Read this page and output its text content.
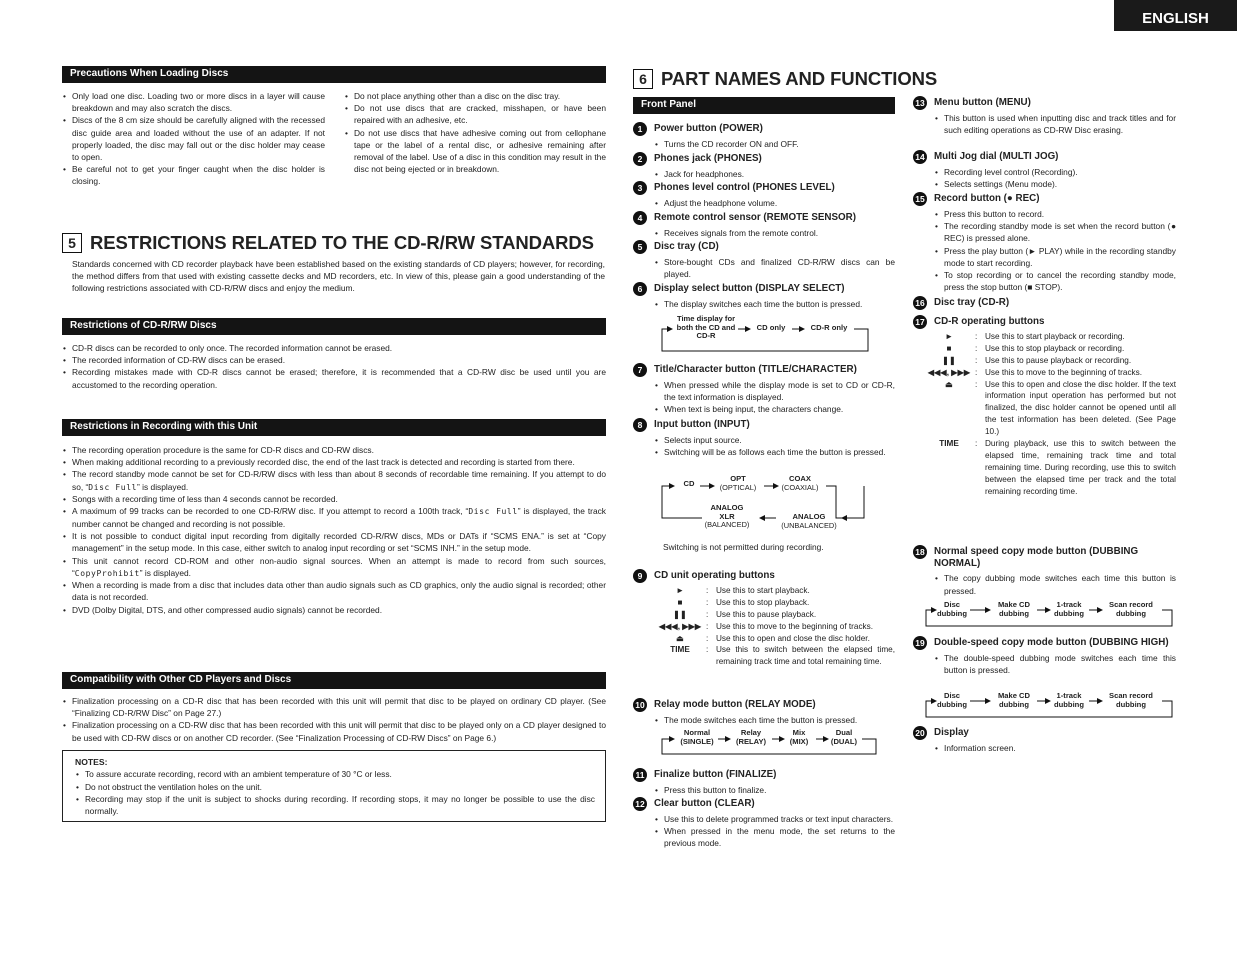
ENGLISH
Precautions When Loading Discs
• Only load one disc. Loading two or more discs in a layer will cause breakdown and may also scratch the discs.
• Discs of the 8 cm size should be carefully aligned with the recessed disc guide area and loaded without the use of an adapter. If not properly loaded, the disc may fall out or the disc holder may cease to open.
• Be careful not to get your finger caught when the disc holder is closing.
• Do not place anything other than a disc on the disc tray.
• Do not use discs that are cracked, misshapen, or have been repaired with an adhesive, etc.
• Do not use discs that have adhesive coming out from cellophane tape or the label of a rental disc, or adhesive remaining after removal of the label. Use of a disc in this condition may result in the disc not being ejected or in breakdown.
5 RESTRICTIONS RELATED TO THE CD-R/RW STANDARDS
Standards concerned with CD recorder playback have been established based on the existing standards of CD players; however, for recording, the method differs from that used with existing cassette decks and MD recorders, etc. In view of this, please gain a good understanding of the following restrictions associated with CD-R/RW discs and enjoy the medium.
Restrictions of CD-R/RW Discs
• CD-R discs can be recorded to only once. The recorded information cannot be erased.
• The recorded information of CD-RW discs can be erased.
• Recording mistakes made with CD-R discs cannot be erased; therefore, it is recommended that a CD-RW disc be used until you are accustomed to the recording operation.
Restrictions in Recording with this Unit
• The recording operation procedure is the same for CD-R discs and CD-RW discs.
• When making additional recording to a previously recorded disc, the end of the last track is detected and recording is started from there.
• The record standby mode cannot be set for CD-R/RW discs with less than about 8 seconds of recordable time remaining. If you attempt to do so, “Disc Full” is displayed.
• Songs with a recording time of less than 4 seconds cannot be recorded.
• A maximum of 99 tracks can be recorded to one CD-R/RW disc. If you attempt to record a 100th track, “Disc Full” is displayed, the track number cannot be changed and recording is not possible.
• It is not possible to conduct digital input recording from digitally recorded CD-R/RW discs, MDs or DATs if “SCMS ENA.” is set at “Copy management” in the setup mode. In this case, either switch to analog input recording or set “SCMS INH.” in the setup mode.
• This unit cannot record CD-ROM and other non-audio signal sources. When an attempt is made to record from such sources, “CopyProhibit” is displayed.
• When a recording is made from a disc that includes data other than audio signals such as CD graphics, only the audio signal is recorded; other data is not recorded.
• DVD (Dolby Digital, DTS, and other compressed audio signals) cannot be recorded.
Compatibility with Other CD Players and Discs
• Finalization processing on a CD-R disc that has been recorded with this unit will permit that disc to be played on ordinary CD player. (See “Finalizing CD-R/RW Disc” on Page 27.)
• Finalization processing on a CD-RW disc that has been recorded with this unit will permit that disc to be played only on a CD player designed to be used with CD-RW discs or on another CD recorder. (See “Finalization Processing of CD-RW Discs” on Page 6.)
NOTES:
• To assure accurate recording, record with an ambient temperature of 30 °C or less.
• Do not obstruct the ventilation holes on the unit.
• Recording may stop if the unit is subject to shocks during recording. If recording stops, it may no longer be possible to use the disc normally.
6 PART NAMES AND FUNCTIONS
Front Panel
1	Power button (POWER)
• Turns the CD recorder ON and OFF.
2	Phones jack (PHONES)
• Jack for headphones.
3	Phones level control (PHONES LEVEL)
• Adjust the headphone volume.
4	Remote control sensor (REMOTE SENSOR)
• Receives signals from the remote control.
5	Disc tray (CD)
• Store-bought CDs and finalized CD-R/RW discs can be played.
6	Display select button (DISPLAY SELECT)
• The display switches each time the button is pressed.
Time display for both the CD and CD-R
CD only	CD-R only
7	Title/Character button (TITLE/CHARACTER)
• When pressed while the display mode is set to CD or CD-R, the text information is displayed.
• When text is being input, the characters change.
8	Input button (INPUT)
• Selects input source.
• Switching will be as follows each time the button is pressed.
CD
OPT
(OPTICAL)
COAX
(COAXIAL)
ANALOG
XLR
(BALANCED)
ANALOG
(UNBALANCED)
Switching is not permitted during recording.
9	CD unit operating buttons
►	: Use this to start playback.
■	: Use this to stop playback.
❚❚	: Use this to pause playback.
◀◀◀, ▶▶▶ : Use this to move to the beginning of tracks.
⏏	: Use this to open and close the disc holder.
TIME	: Use this to switch between the elapsed time, remaining track time and total remaining time.
10 Relay mode button (RELAY MODE)
• The mode switches each time the button is pressed.
Normal
(SINGLE)
Relay
(RELAY)
Mix
(MIX)
Dual
(DUAL)
11 Finalize button (FINALIZE)
• Press this button to finalize.
12 Clear button (CLEAR)
• Use this to delete programmed tracks or text input characters.
• When pressed in the menu mode, the set returns to the previous mode.
13 Menu button (MENU)
• This button is used when inputting disc and track titles and for such editing operations as CD-RW Disc erasing.
14 Multi Jog dial (MULTI JOG)
• Recording level control (Recording).
• Selects settings (Menu mode).
15 Record button (● REC)
• Press this button to record.
• The recording standby mode is set when the record button (● REC) is pressed alone.
• Press the play button (► PLAY) while in the recording standby mode to start recording.
• To stop recording or to cancel the recording standby mode, press the stop button (■ STOP).
16 Disc tray (CD-R)
17 CD-R operating buttons
►	: Use this to start playback or recording.
■	: Use this to stop playback or recording.
❚❚	: Use this to pause playback or recording.
◀◀◀, ▶▶▶ : Use this to move to the beginning of tracks.
⏏	: Use this to open and close the disc holder. If the text information input operation has performed but not finalized, the disc holder cannot be opened until all the test information has been deleted. (See Page 10.)
TIME	: During playback, use this to switch between the elapsed time, remaining track time and total remaining time. During recording, use this to switch between the elapsed time per track and the total remaining recording time.
18 Normal speed copy mode button (DUBBING NORMAL)
• The copy dubbing mode switches each time this button is pressed.
Disc
dubbing
Make CD
dubbing
1-track
dubbing
Scan record
dubbing
19 Double-speed copy mode button (DUBBING HIGH)
• The double-speed dubbing mode switches each time this button is pressed.
Disc
dubbing
Make CD
dubbing
1-track
dubbing
Scan record
dubbing
20 Display
• Information screen.
